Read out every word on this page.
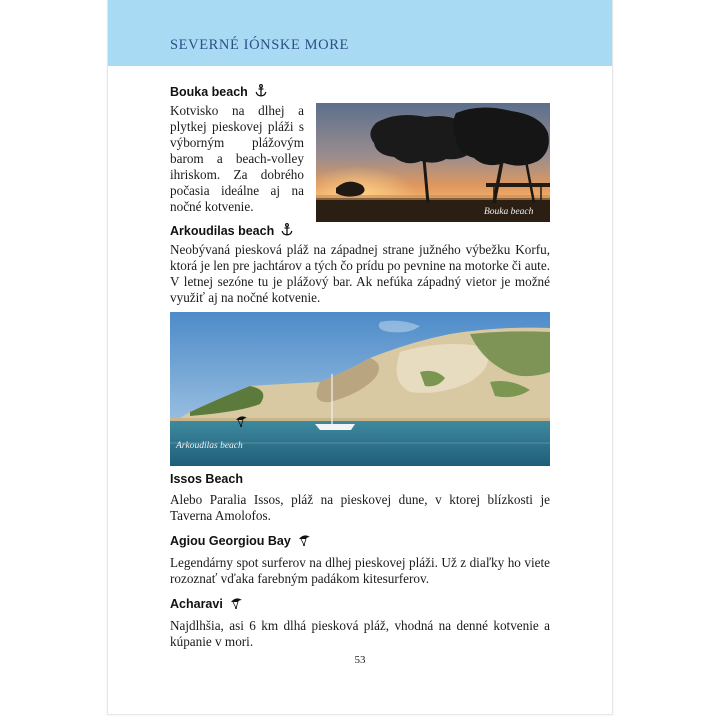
SEVERNÉ IÓNSKE MORE
Bouka beach

Kotvisko na dlhej a plytkej pieskovej pláži s výborným plážovým barom a beach-volley ihriskom. Za dobrého počasia ideálne aj na nočné kotvenie.	Bouka beach
Arkoudilas beach

Neobývaná piesková pláž na západnej strane južného výbežku Korfu, ktorá je len pre jachtárov a tých čo prídu po pevnine na motorke či aute. V letnej sezóne tu je plážový bar. Ak nefúka západný vietor je možné využiť aj na nočné kotvenie.

Arkoudilas beach
Issos Beach

Alebo Paralia Issos, pláž na pieskovej dune, v ktorej blízkosti je Taverna Amolofos.

Agiou Georgiou Bay

Legendárny spot surferov na dlhej pieskovej pláži. Už z diaľky ho viete rozoznať vďaka farebným padákom kitesurferov.

Acharavi

Najdlhšia, asi 6 km dlhá piesková pláž, vhodná na denné kotvenie a kúpanie v mori.

53
